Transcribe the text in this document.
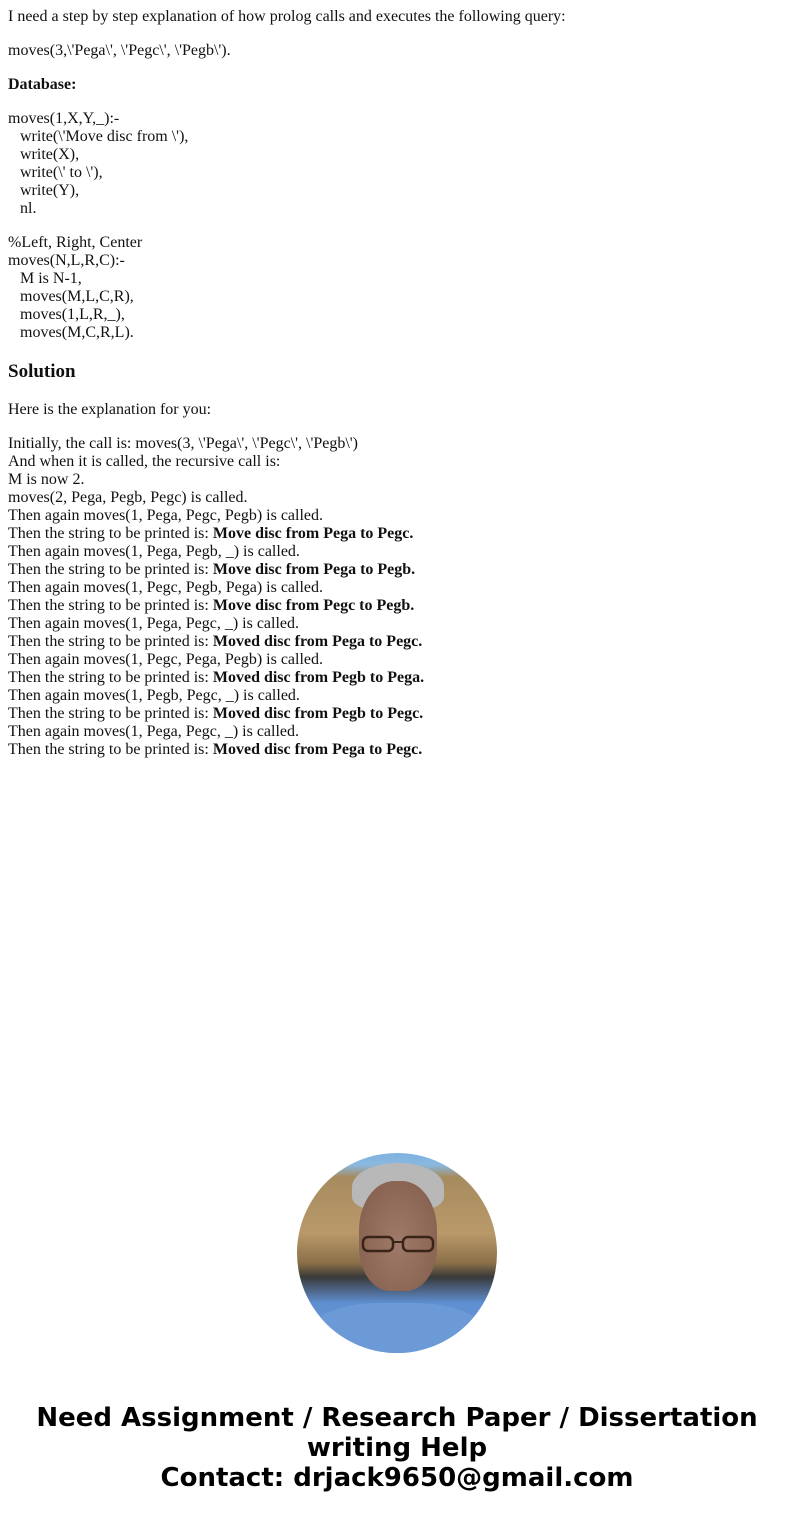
I need a step by step explanation of how prolog calls and executes the following query:

moves(3,\'Pega\', \'Pegc\', \'Pegb\').

Database:

moves(1,X,Y,_):-
write(\'Move disc from \'),
write(X),
write(\' to \'),
write(Y),
nl.
%Left, Right, Center
moves(N,L,R,C):-
M is N-1,
moves(M,L,C,R),
moves(1,L,R,_),
moves(M,C,R,L).
Solution

Here is the explanation for you:

Initially, the call is: moves(3, \'Pega\', \'Pegc\', \'Pegb\')
And when it is called, the recursive call is:
M is now 2.
moves(2, Pega, Pegb, Pegc) is called.
Then again moves(1, Pega, Pegc, Pegb) is called.
Then the string to be printed is: Move disc from Pega to Pegc.
Then again moves(1, Pega, Pegb, _) is called.
Then the string to be printed is: Move disc from Pega to Pegb.
Then again moves(1, Pegc, Pegb, Pega) is called.
Then the string to be printed is: Move disc from Pegc to Pegb.
Then again moves(1, Pega, Pegc, _) is called.
Then the string to be printed is: Moved disc from Pega to Pegc.
Then again moves(1, Pegc, Pega, Pegb) is called.
Then the string to be printed is: Moved disc from Pegb to Pega.
Then again moves(1, Pegb, Pegc, _) is called.
Then the string to be printed is: Moved disc from Pegb to Pegc.
Then again moves(1, Pega, Pegc, _) is called.
Then the string to be printed is: Moved disc from Pega to Pegc.
Need Assignment / Research Paper / Dissertation
writing Help
Contact: drjack9650@gmail.com
